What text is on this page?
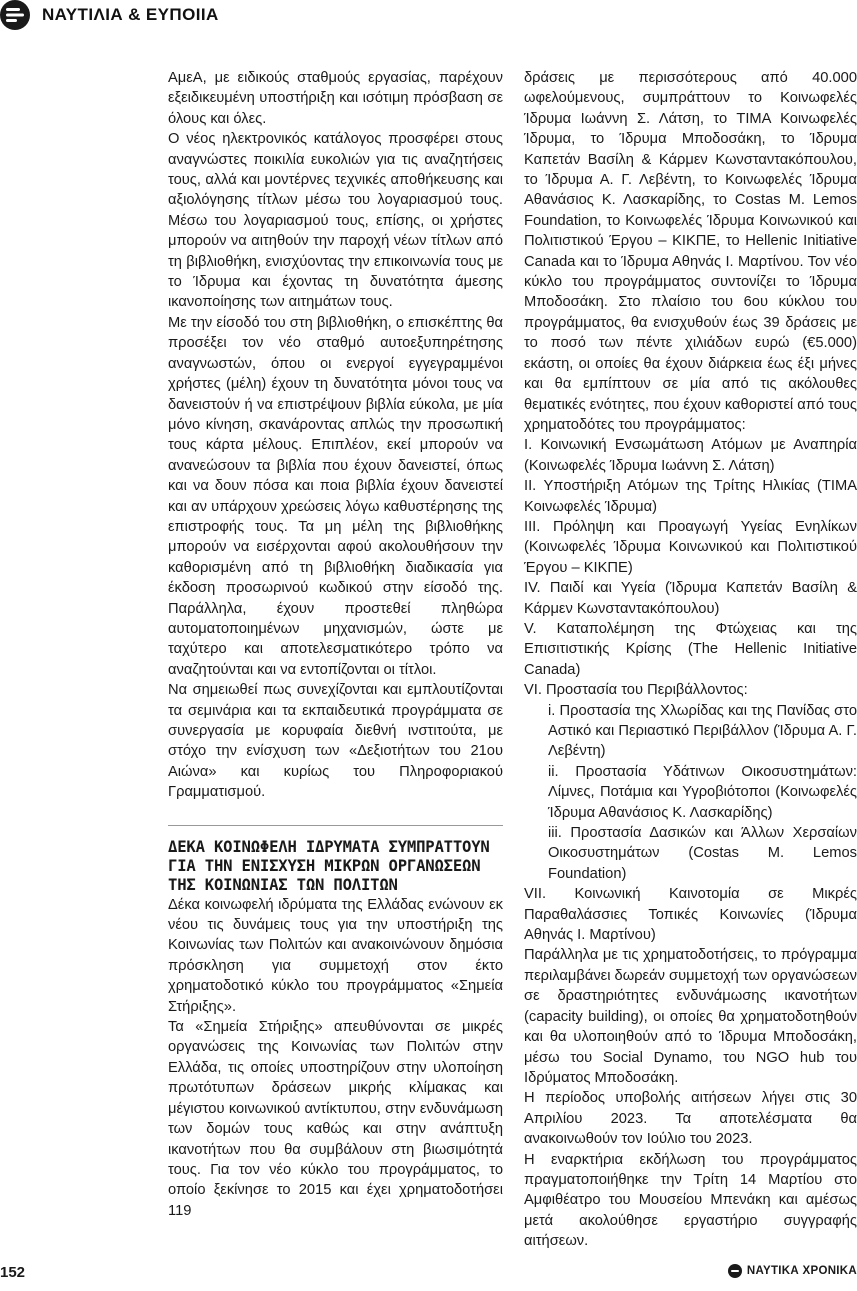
ΝΑΥΤΙΛΙΑ & ΕΥΠΟΙΙΑ

ΑμεΑ, με ειδικούς σταθμούς εργασίας, παρέχουν εξειδικευμένη υποστήριξη και ισότιμη πρόσβαση σε όλους και όλες.

Ο νέος ηλεκτρονικός κατάλογος προσφέρει στους αναγνώστες ποικιλία ευκολιών για τις αναζητήσεις τους, αλλά και μοντέρνες τεχνικές αποθήκευσης και αξιολόγησης τίτλων μέσω του λογαριασμού τους. Μέσω του λογαριασμού τους, επίσης, οι χρήστες μπορούν να αιτηθούν την παροχή νέων τίτλων από τη βιβλιοθήκη, ενισχύοντας την επικοινωνία τους με το Ίδρυμα και έχοντας τη δυνατότητα άμεσης ικανοποίησης των αιτημάτων τους.

Με την είσοδό του στη βιβλιοθήκη, ο επισκέπτης θα προσέξει τον νέο σταθμό αυτοεξυπηρέτησης αναγνωστών, όπου οι ενεργοί εγγεγραμμένοι χρήστες (μέλη) έχουν τη δυνατότητα μόνοι τους να δανειστούν ή να επιστρέψουν βιβλία εύκολα, με μία μόνο κίνηση, σκανάροντας απλώς την προσωπική τους κάρτα μέλους. Επιπλέον, εκεί μπορούν να ανανεώσουν τα βιβλία που έχουν δανειστεί, όπως και να δουν πόσα και ποια βιβλία έχουν δανειστεί και αν υπάρχουν χρεώσεις λόγω καθυστέρησης της επιστροφής τους. Τα μη μέλη της βιβλιοθήκης μπορούν να εισέρχονται αφού ακολουθήσουν την καθορισμένη από τη βιβλιοθήκη διαδικασία για έκδοση προσωρινού κωδικού στην είσοδό της. Παράλληλα, έχουν προστεθεί πληθώρα αυτοματοποιημένων μηχανισμών, ώστε με ταχύτερο και αποτελεσματικότερο τρόπο να αναζητούνται και να εντοπίζονται οι τίτλοι.

Να σημειωθεί πως συνεχίζονται και εμπλουτίζονται τα σεμινάρια και τα εκπαιδευτικά προγράμματα σε συνεργασία με κορυφαία διεθνή ινστιτούτα, με στόχο την ενίσχυση των «Δεξιοτήτων του 21ου Αιώνα» και κυρίως του Πληροφοριακού Γραμματισμού.

ΔΕΚΑ ΚΟΙΝΩΦΕΛΗ ΙΔΡΥΜΑΤΑ ΣΥΜΠΡΑΤΤΟΥΝ ΓΙΑ ΤΗΝ ΕΝΙΣΧΥΣΗ ΜΙΚΡΩΝ ΟΡΓΑΝΩΣΕΩΝ ΤΗΣ ΚΟΙΝΩΝΙΑΣ ΤΩΝ ΠΟΛΙΤΩΝ

Δέκα κοινωφελή ιδρύματα της Ελλάδας ενώνουν εκ νέου τις δυνάμεις τους για την υποστήριξη της Κοινωνίας των Πολιτών και ανακοινώνουν δημόσια πρόσκληση για συμμετοχή στον έκτο χρηματοδοτικό κύκλο του προγράμματος «Σημεία Στήριξης».

Τα «Σημεία Στήριξης» απευθύνονται σε μικρές οργανώσεις της Κοινωνίας των Πολιτών στην Ελλάδα, τις οποίες υποστηρίζουν στην υλοποίηση πρωτότυπων δράσεων μικρής κλίμακας και μέγιστου κοινωνικού αντίκτυπου, στην ενδυνάμωση των δομών τους καθώς και στην ανάπτυξη ικανοτήτων που θα συμβάλουν στη βιωσιμότητά τους. Για τον νέο κύκλο του προγράμματος, το οποίο ξεκίνησε το 2015 και έχει χρηματοδοτήσει 119

δράσεις με περισσότερους από 40.000 ωφελούμενους, συμπράττουν το Κοινωφελές Ίδρυμα Ιωάννη Σ. Λάτση, το ΤΙΜΑ Κοινωφελές Ίδρυμα, το Ίδρυμα Μποδοσάκη, το Ίδρυμα Καπετάν Βασίλη & Κάρμεν Κωνσταντακόπουλου, το Ίδρυμα Α. Γ. Λεβέντη, το Κοινωφελές Ίδρυμα Αθανάσιος Κ. Λασκαρίδης, το Costas M. Lemos Foundation, το Κοινωφελές Ίδρυμα Κοινωνικού και Πολιτιστικού Έργου – ΚΙΚΠΕ, το Hellenic Initiative Canada και το Ίδρυμα Αθηνάς Ι. Μαρτίνου. Τον νέο κύκλο του προγράμματος συντονίζει το Ίδρυμα Μποδοσάκη. Στο πλαίσιο του 6ου κύκλου του προγράμματος, θα ενισχυθούν έως 39 δράσεις με το ποσό των πέντε χιλιάδων ευρώ (€5.000) εκάστη, οι οποίες θα έχουν διάρκεια έως έξι μήνες και θα εμπίπτουν σε μία από τις ακόλουθες θεματικές ενότητες, που έχουν καθοριστεί από τους χρηματοδότες του προγράμματος:

I. Κοινωνική Ενσωμάτωση Ατόμων με Αναπηρία (Κοινωφελές Ίδρυμα Ιωάννη Σ. Λάτση)

II. Υποστήριξη Ατόμων της Τρίτης Ηλικίας (ΤΙΜΑ Κοινωφελές Ίδρυμα)

III. Πρόληψη και Προαγωγή Υγείας Ενηλίκων (Κοινωφελές Ίδρυμα Κοινωνικού και Πολιτιστικού Έργου – ΚΙΚΠΕ)

IV. Παιδί και Υγεία (Ίδρυμα Καπετάν Βασίλη & Κάρμεν Κωνσταντακόπουλου)

V. Καταπολέμηση της Φτώχειας και της Επισιτιστικής Κρίσης (The Hellenic Initiative Canada)

VI. Προστασία του Περιβάλλοντος:

i. Προστασία της Χλωρίδας και της Πανίδας στο Αστικό και Περιαστικό Περιβάλλον (Ίδρυμα Α. Γ. Λεβέντη)

ii. Προστασία Υδάτινων Οικοσυστημάτων: Λίμνες, Ποτάμια και Υγροβιότοποι (Κοινωφελές Ίδρυμα Αθανάσιος Κ. Λασκαρίδης)

iii. Προστασία Δασικών και Άλλων Χερσαίων Οικοσυστημάτων (Costas M. Lemos Foundation)

VII. Κοινωνική Καινοτομία σε Μικρές Παραθαλάσσιες Τοπικές Κοινωνίες (Ίδρυμα Αθηνάς Ι. Μαρτίνου)

Παράλληλα με τις χρηματοδοτήσεις, το πρόγραμμα περιλαμβάνει δωρεάν συμμετοχή των οργανώσεων σε δραστηριότητες ενδυνάμωσης ικανοτήτων (capacity building), οι οποίες θα χρηματοδοτηθούν και θα υλοποιηθούν από το Ίδρυμα Μποδοσάκη, μέσω του Social Dynamo, του NGO hub του Ιδρύματος Μποδοσάκη.

Η περίοδος υποβολής αιτήσεων λήγει στις 30 Απριλίου 2023. Τα αποτελέσματα θα ανακοινωθούν τον Ιούλιο του 2023.

Η εναρκτήρια εκδήλωση του προγράμματος πραγματοποιήθηκε την Τρίτη 14 Μαρτίου στο Αμφιθέατρο του Μουσείου Μπενάκη και αμέσως μετά ακολούθησε εργαστήριο συγγραφής αιτήσεων.

152	ΝΑΥΤΙΚΑ ΧΡΟΝΙΚΑ
